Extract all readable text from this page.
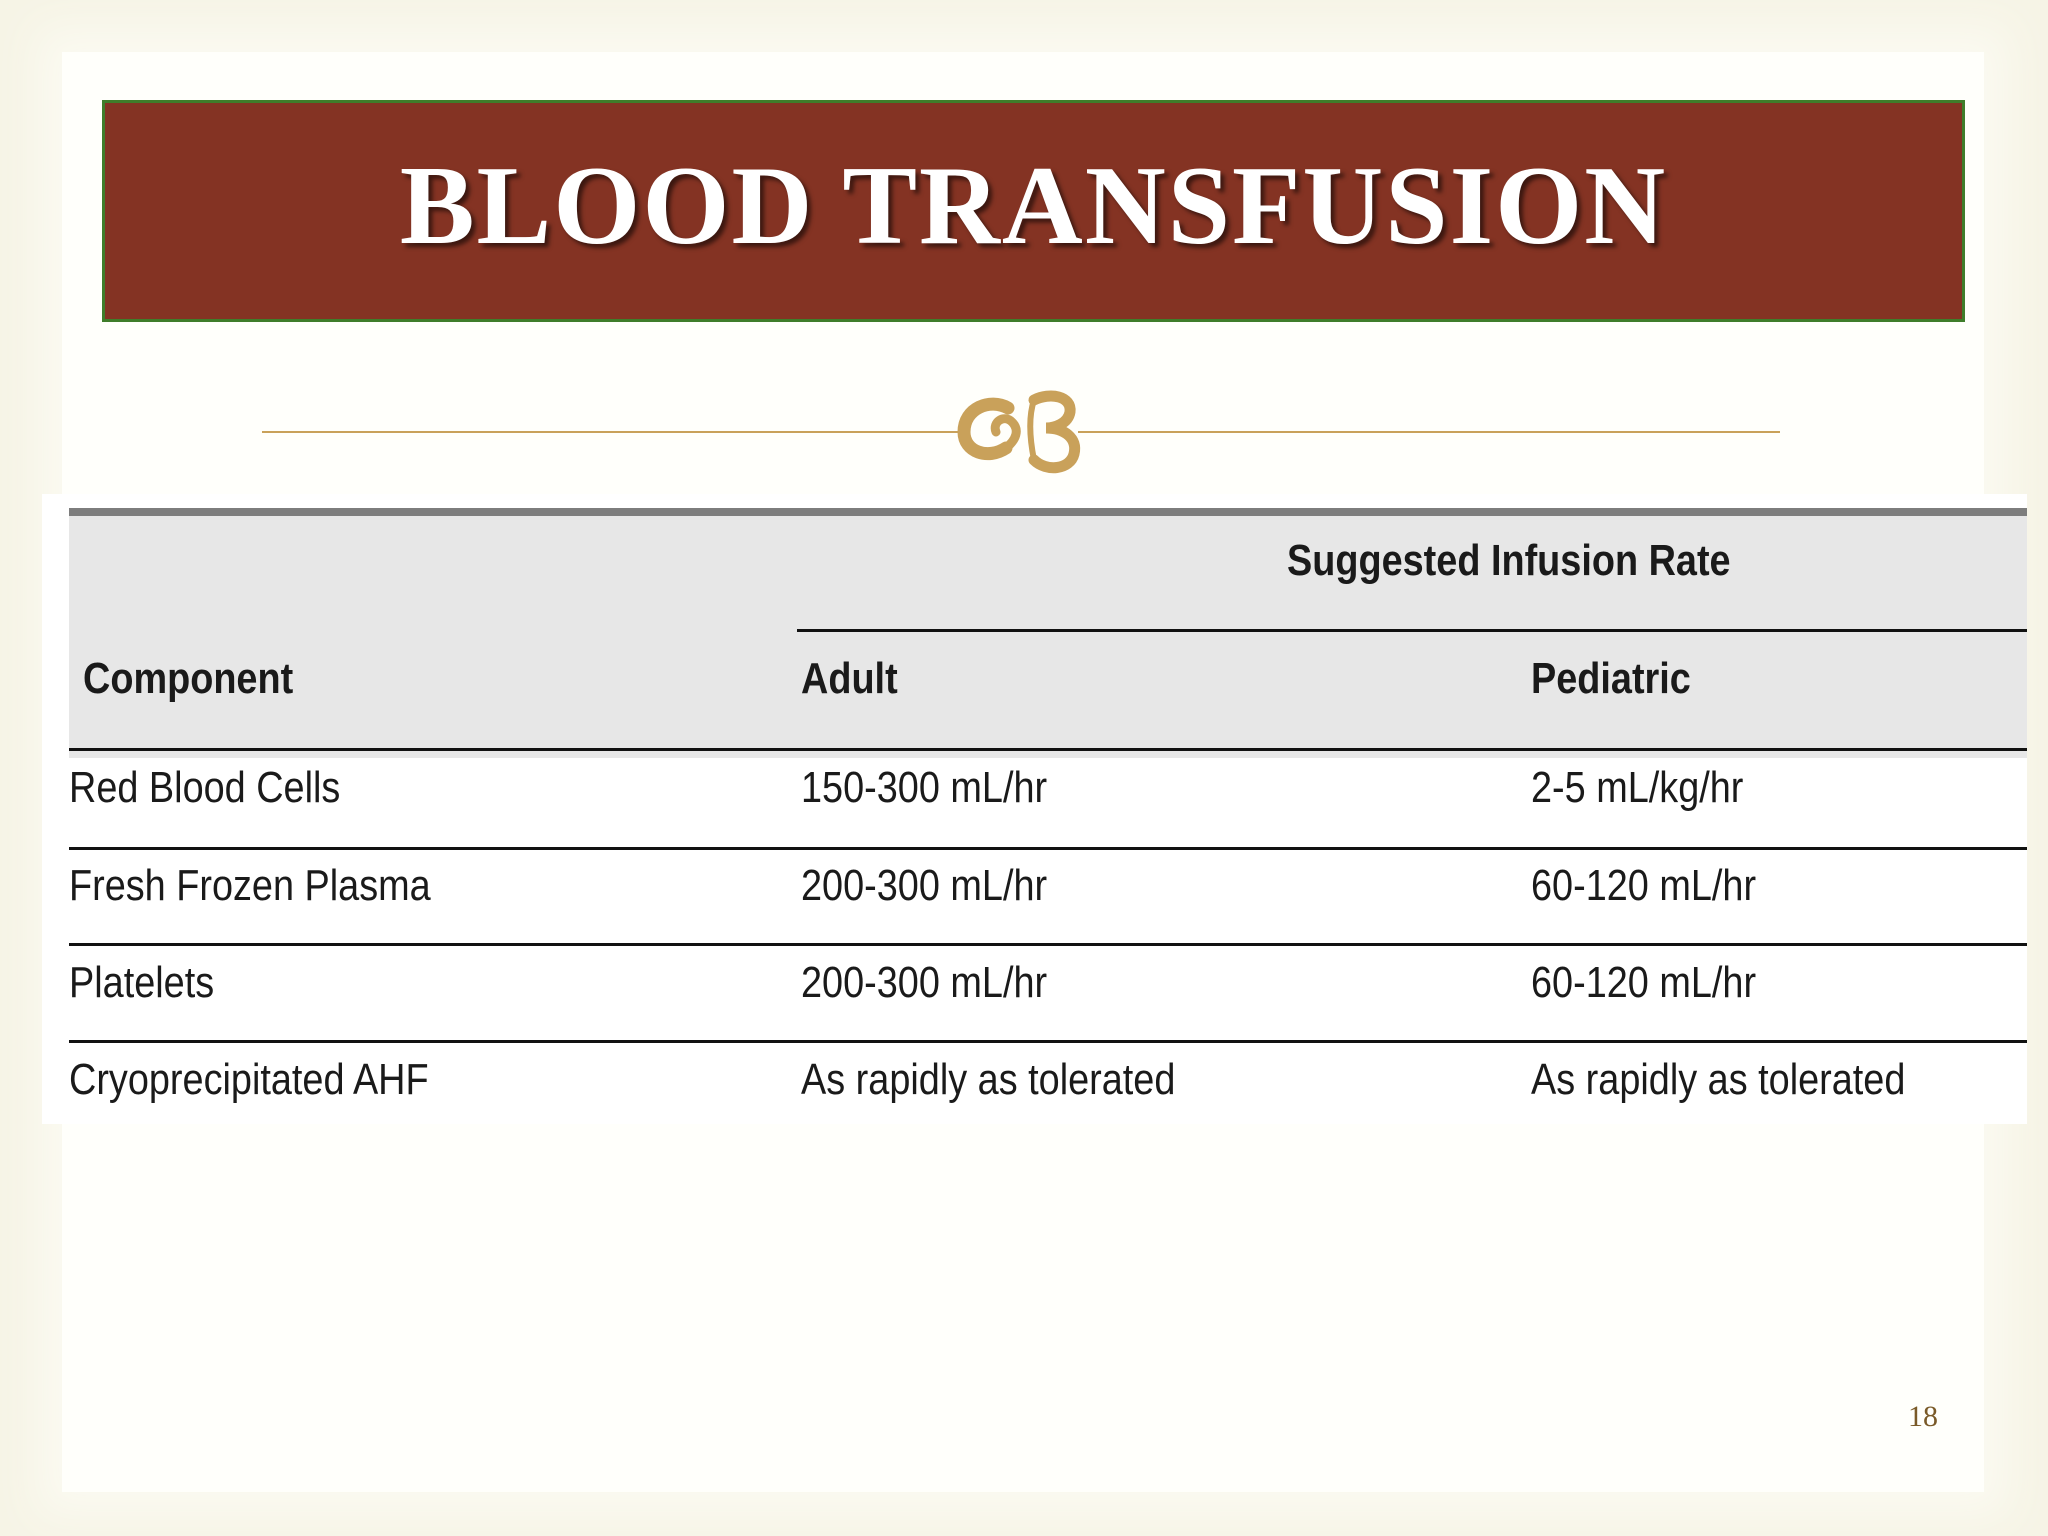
BLOOD TRANSFUSION
Suggested Infusion Rate
Component	Adult	Pediatric
Red Blood Cells	150-300 mL/hr	2-5 mL/kg/hr
Fresh Frozen Plasma	200-300 mL/hr	60-120 mL/hr
Platelets	200-300 mL/hr	60-120 mL/hr
Cryoprecipitated AHF	As rapidly as tolerated	As rapidly as tolerated
18
